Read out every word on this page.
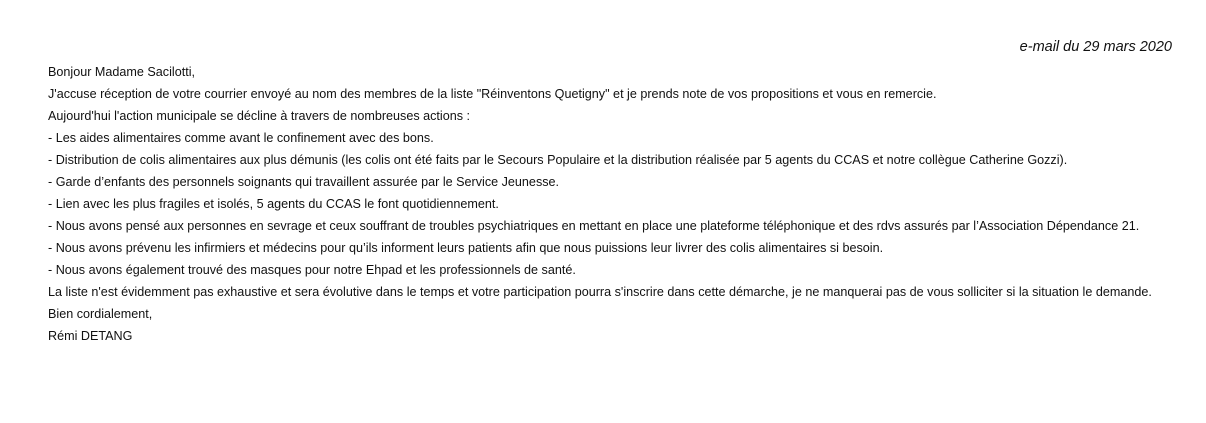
e-mail du 29 mars 2020

Bonjour Madame Sacilotti,

J'accuse réception de votre courrier envoyé au nom des membres de la liste "Réinventons Quetigny" et je prends note de vos propositions et vous en remercie.

Aujourd'hui l'action municipale se décline à travers de nombreuses actions :

- Les aides alimentaires comme avant le confinement avec des bons.

- Distribution de colis alimentaires aux plus démunis (les colis ont été faits par le Secours Populaire et la distribution réalisée par 5 agents du CCAS et notre collègue Catherine Gozzi).

- Garde d’enfants des personnels soignants qui travaillent assurée par le Service Jeunesse.

- Lien avec les plus fragiles et isolés, 5 agents du CCAS le font quotidiennement.

- Nous avons pensé aux personnes en sevrage et ceux souffrant de troubles psychiatriques en mettant en place une plateforme téléphonique et des rdvs assurés par l’Association Dépendance 21.

- Nous avons prévenu les infirmiers et médecins pour qu’ils informent leurs patients afin que nous puissions leur livrer des colis alimentaires si besoin.

- Nous avons également trouvé des masques pour notre Ehpad et les professionnels de santé.

La liste n'est évidemment pas exhaustive et sera évolutive dans le temps et votre participation pourra s'inscrire dans cette démarche, je ne manquerai pas de vous solliciter si la situation le demande.

Bien cordialement,

Rémi DETANG
